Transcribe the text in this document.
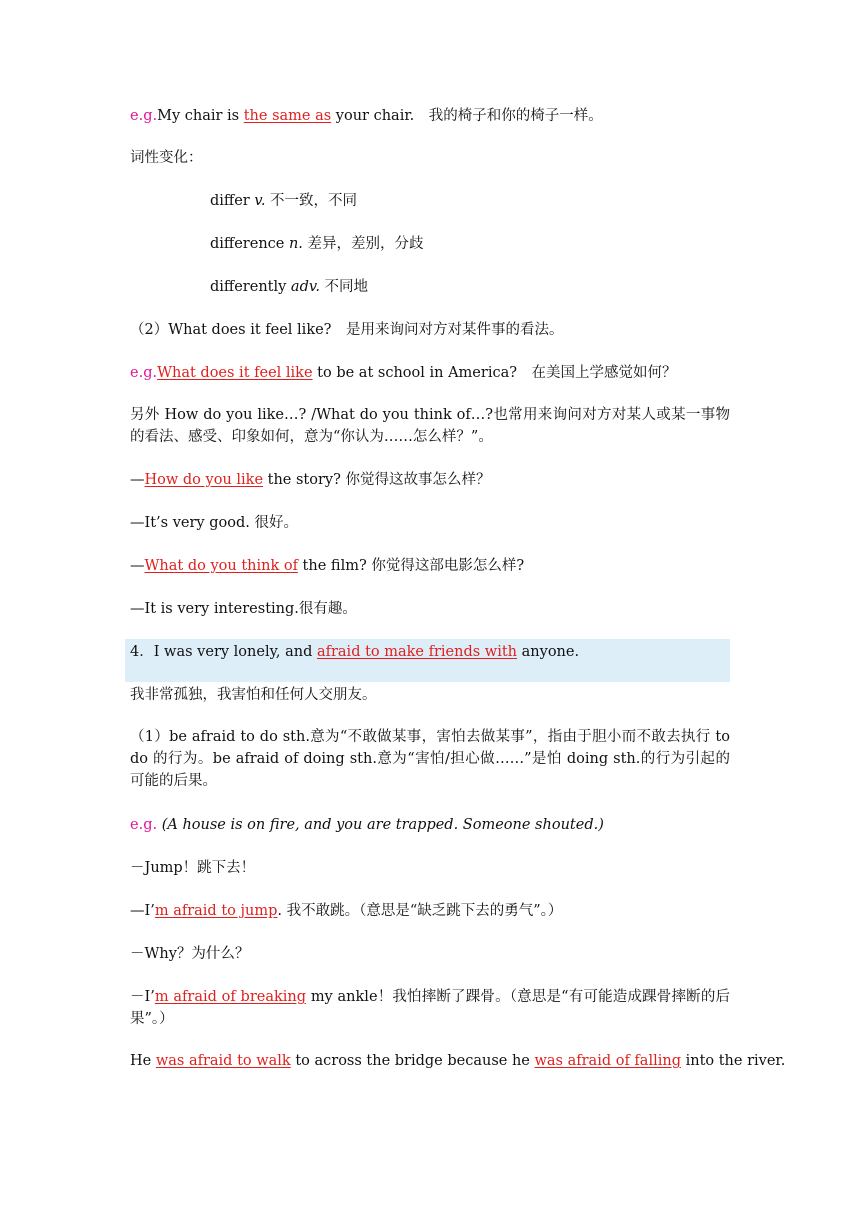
e.g.My chair is the same as your chair.　我的椅子和你的椅子一样。
词性变化：
differ v. 不一致，不同
difference n. 差异，差别，分歧
differently adv. 不同地
（2）What does it feel like?　是用来询问对方对某件事的看法。
e.g.What does it feel like to be at school in America?　在美国上学感觉如何？
另外 How do you like…? /What do you think of…?也常用来询问对方对某人或某一事物的看法、感受、印象如何，意为“你认为……怎么样？”。
—How do you like the story? 你觉得这故事怎么样？
—It’s very good. 很好。
—What do you think of the film? 你觉得这部电影怎么样?
—It is very interesting.很有趣。
4．I was very lonely, and afraid to make friends with anyone.
我非常孤独，我害怕和任何人交朋友。
（1）be afraid to do sth.意为“不敢做某事，害怕去做某事”，指由于胆小而不敢去执行 to do 的行为。be afraid of doing sth.意为“害怕/担心做……”是怕 doing sth.的行为引起的可能的后果。
e.g. (A house is on fire, and you are trapped. Someone shouted.)
－Jump！跳下去！
—I’m afraid to jump. 我不敢跳。（意思是“缺乏跳下去的勇气”。）
－Why？为什么？
－I’m afraid of breaking my ankle！我怕摔断了踝骨。（意思是“有可能造成踝骨摔断的后果”。）
He was afraid to walk to across the bridge because he was afraid of falling into the river.
